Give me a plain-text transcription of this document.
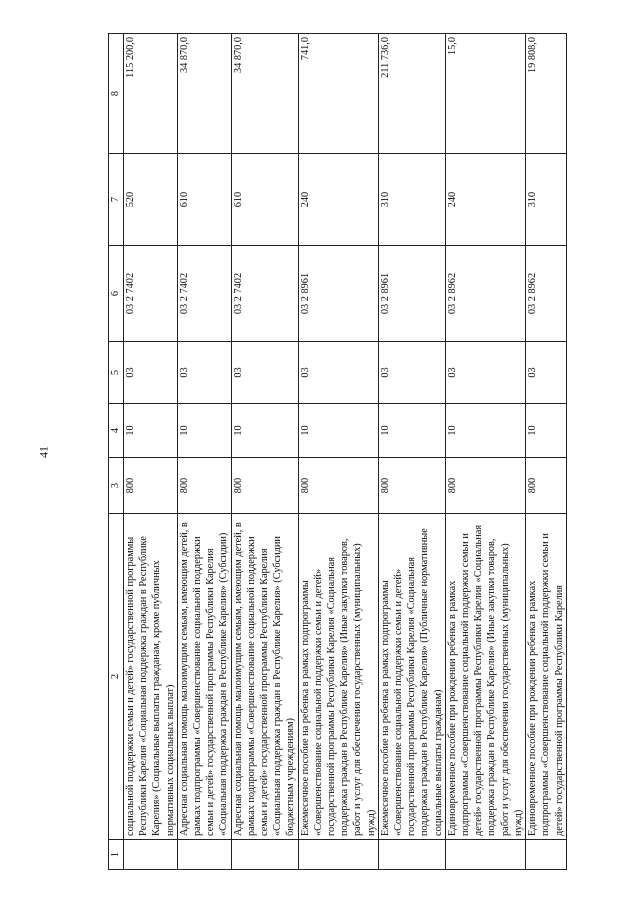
41
1	2	3	4	5	6	7	8
	социальной поддержки семьи и детей» государственной программы Республики Карелия «Социальная поддержка граждан в Республике Карелия» (Социальные выплаты гражданам, кроме публичных нормативных социальных выплат)	800	10	03	03 2 7402	520	115 200,0
	Адресная социальная помощь малоимущим семьям, имеющим детей, в рамках подпрограммы «Совершенствование социальной поддержки семьи и детей» государственной программы Республики Карелия «Социальная поддержка граждан в Республике Карелия» (Субсидии)	800	10	03	03 2 7402	610	34 870,0
	Адресная социальная помощь малоимущим семьям, имеющим детей, в рамках подпрограммы «Совершенствование социальной поддержки семьи и детей» государственной программы Республики Карелия «Социальная поддержка граждан в Республике Карелия» (Субсидии бюджетным учреждениям)	800	10	03	03 2 7402	610	34 870,0
	Ежемесячное пособие на ребенка в рамках подпрограммы «Совершенствование социальной поддержки семьи и детей» государственной программы Республики Карелия «Социальная поддержка граждан в Республике Карелия» (Иные закупки товаров, работ и услуг для обеспечения государственных (муниципальных) нужд)	800	10	03	03 2 8961	240	741,0
	Ежемесячное пособие на ребенка в рамках подпрограммы «Совершенствование социальной поддержки семьи и детей» государственной программы Республики Карелия «Социальная поддержка граждан в Республике Карелия» (Публичные нормативные социальные выплаты гражданам)	800	10	03	03 2 8961	310	211 736,0
	Единовременное пособие при рождении ребенка в рамках подпрограммы «Совершенствование социальной поддержки семьи и детей» государственной программы Республики Карелия «Социальная поддержка граждан в Республике Карелия» (Иные закупки товаров, работ и услуг для обеспечения государственных (муниципальных) нужд)	800	10	03	03 2 8962	240	15,0
	Единовременное пособие при рождении ребенка в рамках подпрограммы «Совершенствование социальной поддержки семьи и детей» государственной программы Республики Карелия	800	10	03	03 2 8962	310	19 808,0
